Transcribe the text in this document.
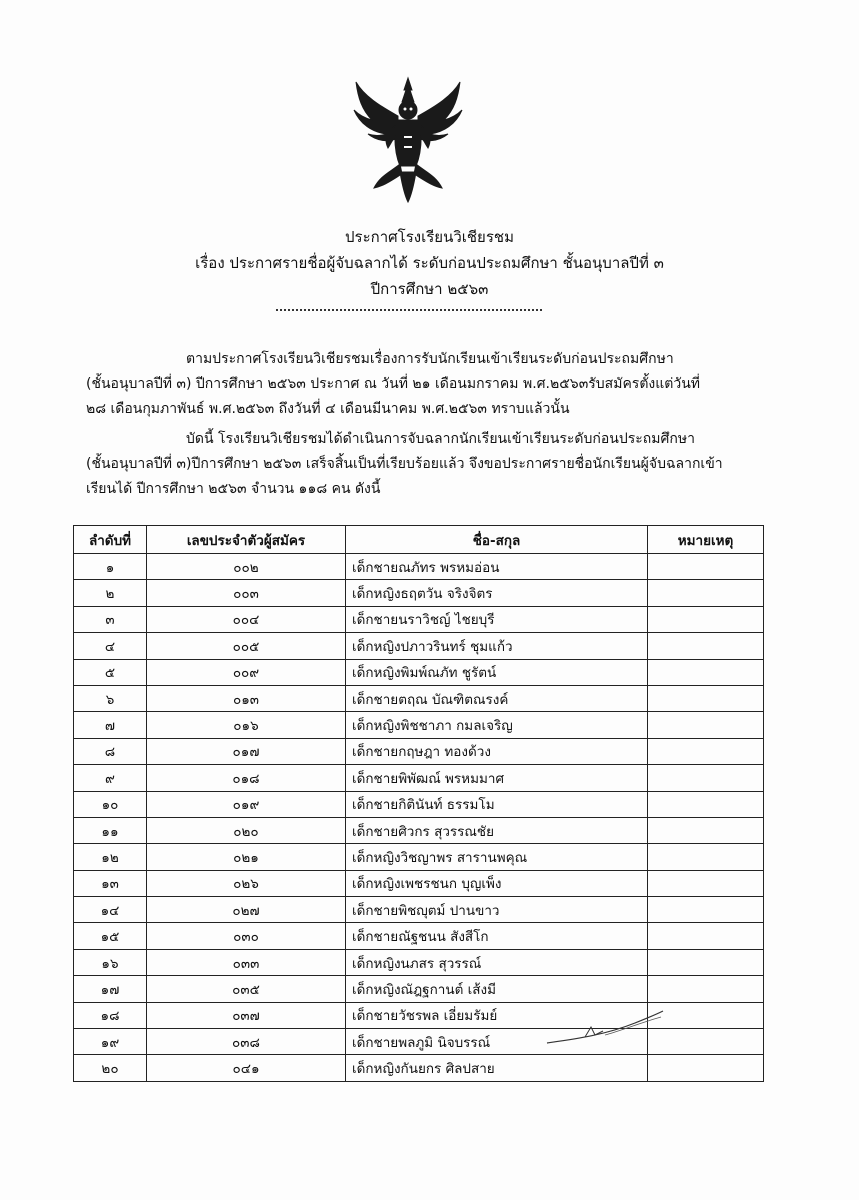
ประกาศโรงเรียนวิเชียรชม
เรื่อง ประกาศรายชื่อผู้จับฉลากได้ ระดับก่อนประถมศึกษา ชั้นอนุบาลปีที่ ๓
ปีการศึกษา ๒๕๖๓
ตามประกาศโรงเรียนวิเชียรชมเรื่องการรับนักเรียนเข้าเรียนระดับก่อนประถมศึกษา
(ชั้นอนุบาลปีที่ ๓) ปีการศึกษา ๒๕๖๓ ประกาศ ณ วันที่ ๒๑ เดือนมกราคม พ.ศ.๒๕๖๓รับสมัครตั้งแต่วันที่
๒๘ เดือนกุมภาพันธ์ พ.ศ.๒๕๖๓ ถึงวันที่ ๔ เดือนมีนาคม พ.ศ.๒๕๖๓ ทราบแล้วนั้น
บัดนี้ โรงเรียนวิเชียรชมได้ดำเนินการจับฉลากนักเรียนเข้าเรียนระดับก่อนประถมศึกษา
(ชั้นอนุบาลปีที่ ๓)ปีการศึกษา ๒๕๖๓ เสร็จสิ้นเป็นที่เรียบร้อยแล้ว จึงขอประกาศรายชื่อนักเรียนผู้จับฉลากเข้า
เรียนได้ ปีการศึกษา ๒๕๖๓ จำนวน ๑๑๘ คน ดังนี้
ลำดับที่	เลขประจำตัวผู้สมัคร	ชื่อ-สกุล	หมายเหตุ
๑	๐๐๒	เด็กชายณภัทร พรหมอ่อน	
๒	๐๐๓	เด็กหญิงธฤตวัน จริงจิตร	
๓	๐๐๔	เด็กชายนราวิชญ์ ไชยบุรี	
๔	๐๐๕	เด็กหญิงปภาวรินทร์ ชุมแก้ว	
๕	๐๐๙	เด็กหญิงพิมพ์ณภัท ชูรัตน์	
๖	๐๑๓	เด็กชายตฤณ บัณฑิตณรงค์	
๗	๐๑๖	เด็กหญิงพิชชาภา กมลเจริญ	
๘	๐๑๗	เด็กชายกฤษฎา ทองด้วง	
๙	๐๑๘	เด็กชายพิพัฒณ์ พรหมมาศ	
๑๐	๐๑๙	เด็กชายกิตินันท์ ธรรมโม	
๑๑	๐๒๐	เด็กชายศิวกร สุวรรณชัย	
๑๒	๐๒๑	เด็กหญิงวิชญาพร สารานพคุณ	
๑๓	๐๒๖	เด็กหญิงเพชรชนก บุญเพ็ง	
๑๔	๐๒๗	เด็กชายพิชญุตม์ ปานขาว	
๑๕	๐๓๐	เด็กชายณัฐชนน สังสีโก	
๑๖	๐๓๓	เด็กหญิงนภสร สุวรรณ์	
๑๗	๐๓๕	เด็กหญิงณัฎฐกานต์ เส้งมี	
๑๘	๐๓๗	เด็กชายวัชรพล เอี่ยมรัมย์	
๑๙	๐๓๘	เด็กชายพลภูมิ นิจบรรณ์	
๒๐	๐๔๑	เด็กหญิงกันยกร ศิลปสาย	
